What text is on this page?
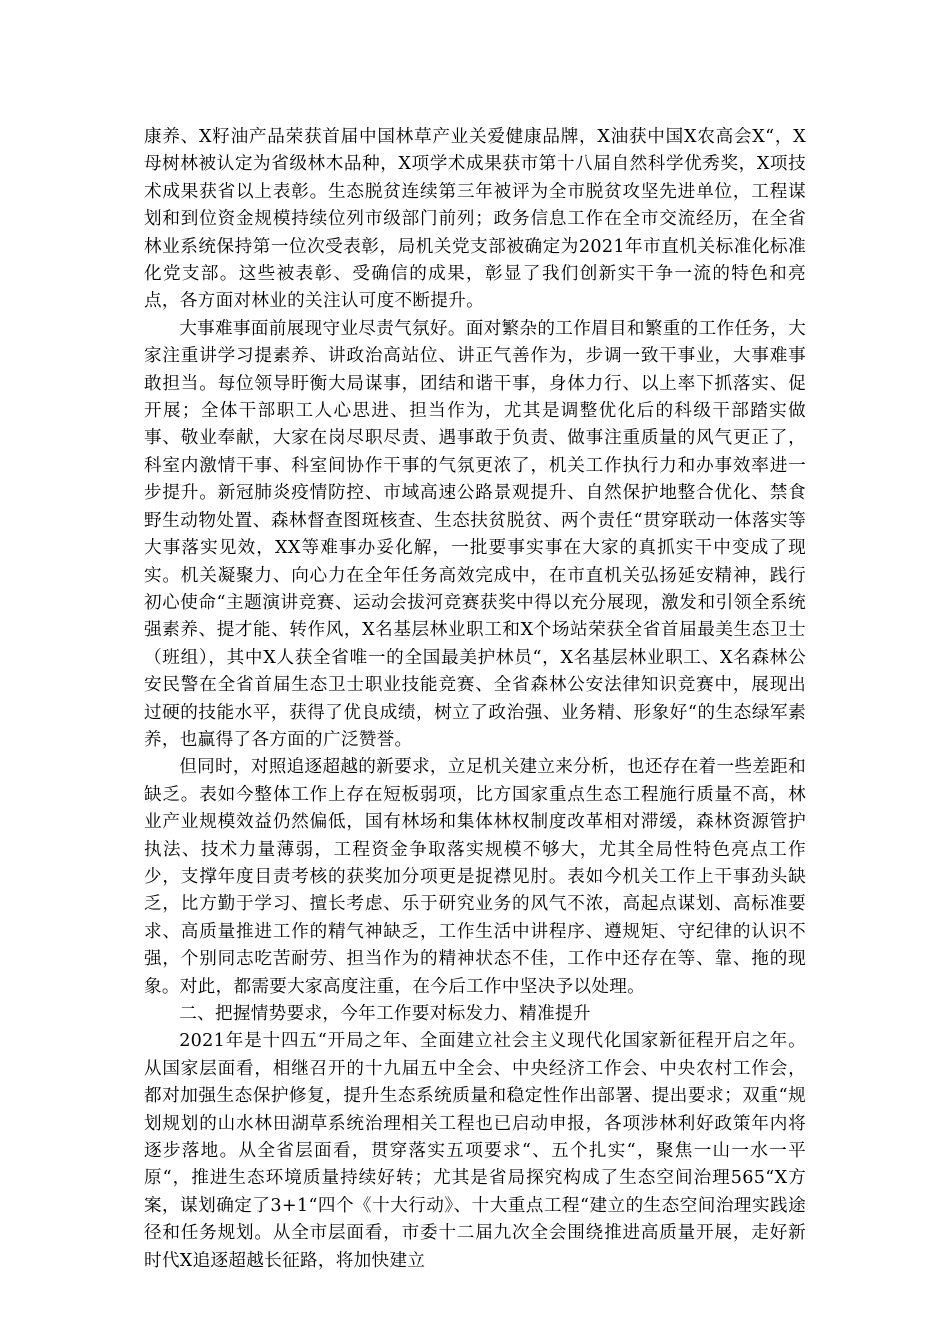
康养、X籽油产品荣获首届中国林草产业关爱健康品牌，X油获中国X农高会X“，X母树林被认定为省级林木品种，X项学术成果获市第十八届自然科学优秀奖，X项技术成果获省以上表彰。生态脱贫连续第三年被评为全市脱贫攻坚先进单位，工程谋划和到位资金规模持续位列市级部门前列；政务信息工作在全市交流经历，在全省林业系统保持第一位次受表彰，局机关党支部被确定为2021年市直机关标准化标准化党支部。这些被表彰、受确信的成果，彰显了我们创新实干争一流的特色和亮点，各方面对林业的关注认可度不断提升。

大事难事面前展现守业尽责气氛好。面对繁杂的工作眉目和繁重的工作任务，大家注重讲学习提素养、讲政治高站位、讲正气善作为，步调一致干事业，大事难事敢担当。每位领导盱衡大局谋事，团结和谐干事，身体力行、以上率下抓落实、促开展；全体干部职工人心思进、担当作为，尤其是调整优化后的科级干部踏实做事、敬业奉献，大家在岗尽职尽责、遇事敢于负责、做事注重质量的风气更正了，科室内激情干事、科室间协作干事的气氛更浓了，机关工作执行力和办事效率进一步提升。新冠肺炎疫情防控、市域高速公路景观提升、自然保护地整合优化、禁食野生动物处置、森林督查图斑核查、生态扶贫脱贫、两个责任“贯穿联动一体落实等大事落实见效，XX等难事办妥化解，一批要事实事在大家的真抓实干中变成了现实。机关凝聚力、向心力在全年任务高效完成中，在市直机关弘扬延安精神，践行初心使命“主题演讲竞赛、运动会拔河竞赛获奖中得以充分展现，激发和引领全系统强素养、提才能、转作风，X名基层林业职工和X个场站荣获全省首届最美生态卫士（班组），其中X人获全省唯一的全国最美护林员“，X名基层林业职工、X名森林公安民警在全省首届生态卫士职业技能竞赛、全省森林公安法律知识竞赛中，展现出过硬的技能水平，获得了优良成绩，树立了政治强、业务精、形象好“的生态绿军素养，也赢得了各方面的广泛赞誉。

但同时，对照追逐超越的新要求，立足机关建立来分析，也还存在着一些差距和缺乏。表如今整体工作上存在短板弱项，比方国家重点生态工程施行质量不高，林业产业规模效益仍然偏低，国有林场和集体林权制度改革相对滞缓，森林资源管护执法、技术力量薄弱，工程资金争取落实规模不够大，尤其全局性特色亮点工作少，支撑年度目责考核的获奖加分项更是捉襟见肘。表如今机关工作上干事劲头缺乏，比方勤于学习、擅长考虑、乐于研究业务的风气不浓，高起点谋划、高标准要求、高质量推进工作的精气神缺乏，工作生活中讲程序、遵规矩、守纪律的认识不强，个别同志吃苦耐劳、担当作为的精神状态不佳，工作中还存在等、靠、拖的现象。对此，都需要大家高度注重，在今后工作中坚决予以处理。

二、把握情势要求，今年工作要对标发力、精准提升

2021年是十四五“开局之年、全面建立社会主义现代化国家新征程开启之年。从国家层面看，相继召开的十九届五中全会、中央经济工作会、中央农村工作会，都对加强生态保护修复，提升生态系统质量和稳定性作出部署、提出要求；双重“规划规划的山水林田湖草系统治理相关工程也已启动申报，各项涉林利好政策年内将逐步落地。从全省层面看，贯穿落实五项要求“、五个扎实“，聚焦一山一水一平原“，推进生态环境质量持续好转；尤其是省局探究构成了生态空间治理565“X方案，谋划确定了3+1“四个《十大行动》、十大重点工程“建立的生态空间治理实践途径和任务规划。从全市层面看，市委十二届九次全会围绕推进高质量开展，走好新时代X追逐超越长征路，将加快建立
